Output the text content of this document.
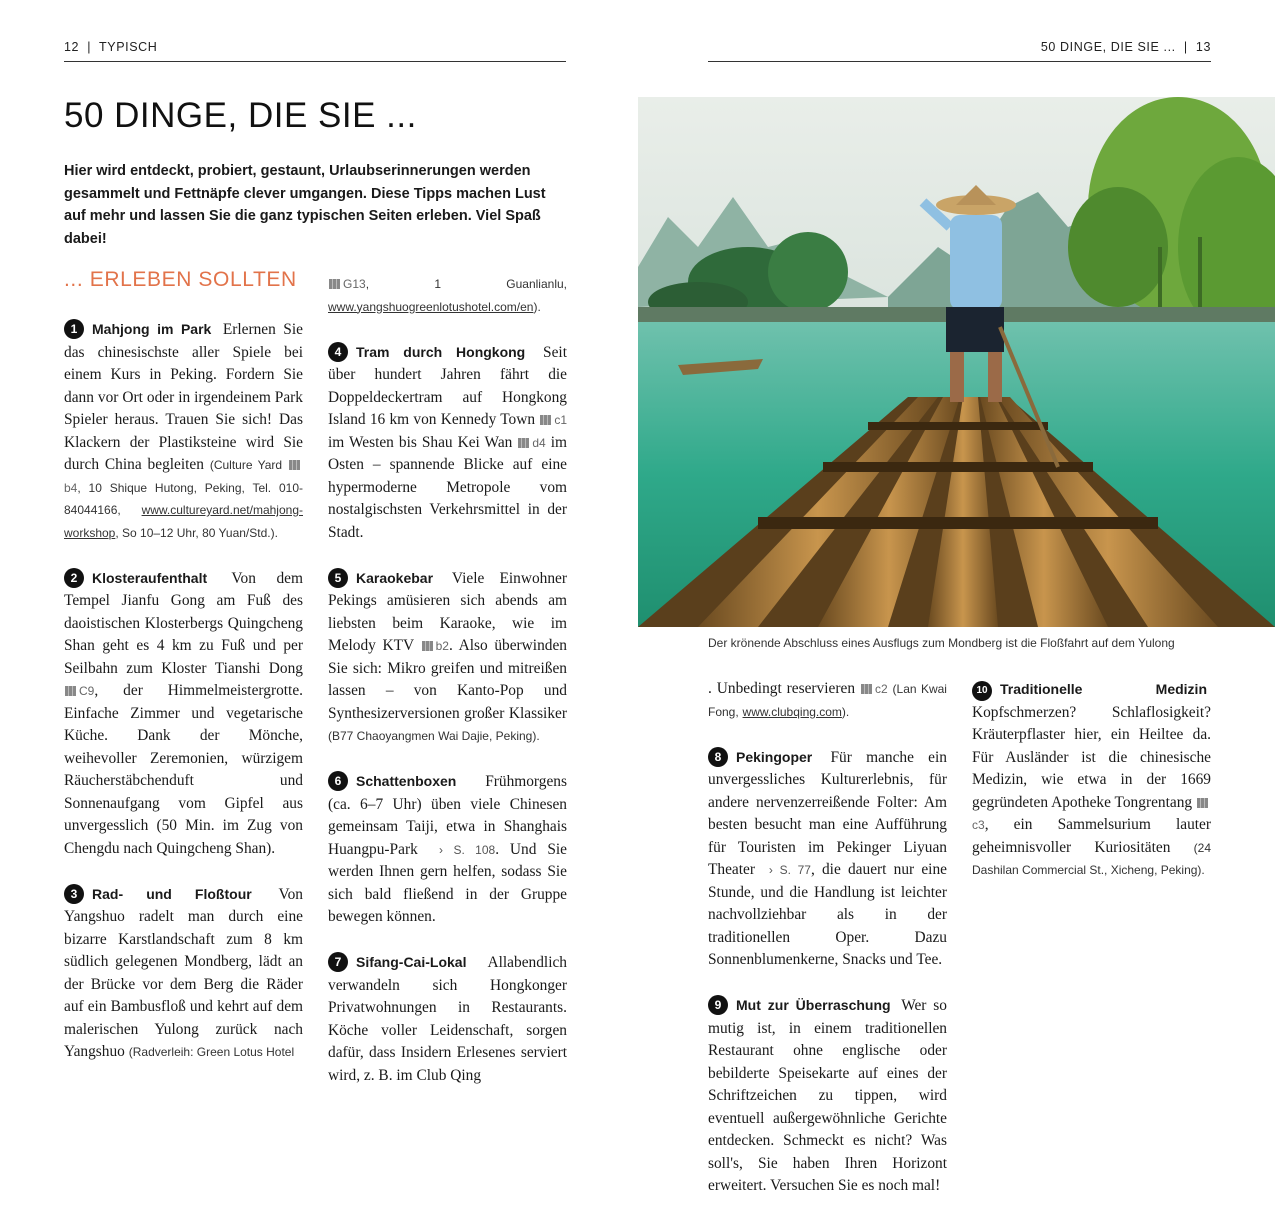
12  |  TYPISCH	50 DINGE, DIE SIE ...  |  13
50 DINGE, DIE SIE ...
Hier wird entdeckt, probiert, gestaunt, Urlaubserinnerungen werden gesammelt und Fettnäpfe clever umgangen. Diese Tipps machen Lust auf mehr und lassen Sie die ganz typischen Seiten erleben. Viel Spaß dabei!
... ERLEBEN SOLLTEN

1 Mahjong im Park Erlernen Sie das chinesischste aller Spiele bei einem Kurs in Peking. Fordern Sie dann vor Ort oder in irgendeinem Park Spieler heraus. Trauen Sie sich! Das Klackern der Plastiksteine wird Sie durch China begleiten (Culture Yard b4, 10 Shique Hutong, Peking, Tel. 010-84044166, www.cultureyard.net/mahjong-workshop, So 10–12 Uhr, 80 Yuan/Std.).

2 Klosteraufenthalt Von dem Tempel Jianfu Gong am Fuß des daoistischen Klosterbergs Quingcheng Shan geht es 4 km zu Fuß und per Seilbahn zum Kloster Tianshi Dong C9, der Himmelmeistergrotte. Einfache Zimmer und vegetarische Küche. Dank der Mönche, weihevoller Zeremonien, würzigem Räucherstäbchenduft und Sonnenaufgang vom Gipfel aus unvergesslich (50 Min. im Zug von Chengdu nach Quingcheng Shan).

3 Rad- und Floßtour Von Yangshuo radelt man durch eine bizarre Karstlandschaft zum 8 km südlich gelegenen Mondberg, lädt an der Brücke vor dem Berg die Räder auf ein Bambusfloß und kehrt auf dem malerischen Yulong zurück nach Yangshuo (Radverleih: Green Lotus Hotel

G13, 1 Guanlianlu, www.yangshuogreenlotushotel.com/en).

4 Tram durch Hongkong Seit über hundert Jahren fährt die Doppeldeckertram auf Hongkong Island 16 km von Kennedy Town c1 im Westen bis Shau Kei Wan d4 im Osten – spannende Blicke auf eine hypermoderne Metropole vom nostalgischsten Verkehrsmittel in der Stadt.

5 Karaokebar Viele Einwohner Pekings amüsieren sich abends am liebsten beim Karaoke, wie im Melody KTV b2. Also überwinden Sie sich: Mikro greifen und mitreißen lassen – von Kanto-Pop und Synthesizerversionen großer Klassiker (B77 Chaoyangmen Wai Dajie, Peking).

6 Schattenboxen Frühmorgens (ca. 6–7 Uhr) üben viele Chinesen gemeinsam Taiji, etwa in Shanghais Huangpu-Park  › S. 108. Und Sie werden Ihnen gern helfen, sodass Sie sich bald fließend in der Gruppe bewegen können.

7 Sifang-Cai-Lokal Allabendlich verwandeln sich Hongkonger Privatwohnungen in Restaurants. Köche voller Leidenschaft, sorgen dafür, dass Insidern Erlesenes serviert wird, z. B. im Club Qing

Der krönende Abschluss eines Ausflugs zum Mondberg ist die Floßfahrt auf dem Yulong

. Unbedingt reservieren c2 (Lan Kwai Fong, www.clubqing.com).

8 Pekingoper Für manche ein unvergessliches Kulturerlebnis, für andere nervenzerreißende Folter: Am besten besucht man eine Aufführung für Touristen im Pekinger Liyuan Theater  › S. 77, die dauert nur eine Stunde, und die Handlung ist leichter nachvollziehbar als in der traditionellen Oper. Dazu Sonnenblumenkerne, Snacks und Tee.

9 Mut zur Überraschung Wer so mutig ist, in einem traditionellen Restaurant ohne englische oder bebilderte Speisekarte auf eines der Schriftzeichen zu tippen, wird eventuell außergewöhnliche Gerichte entdecken. Schmeckt es nicht? Was soll's, Sie haben Ihren Horizont erweitert. Versuchen Sie es noch mal!

10 Traditionelle Medizin Kopfschmerzen? Schlaflosigkeit? Kräuterpflaster hier, ein Heiltee da. Für Ausländer ist die chinesische Medizin, wie etwa in der 1669 gegründeten Apotheke Tongrentang c3, ein Sammelsurium lauter geheimnisvoller Kuriositäten (24 Dashilan Commercial St., Xicheng, Peking).
